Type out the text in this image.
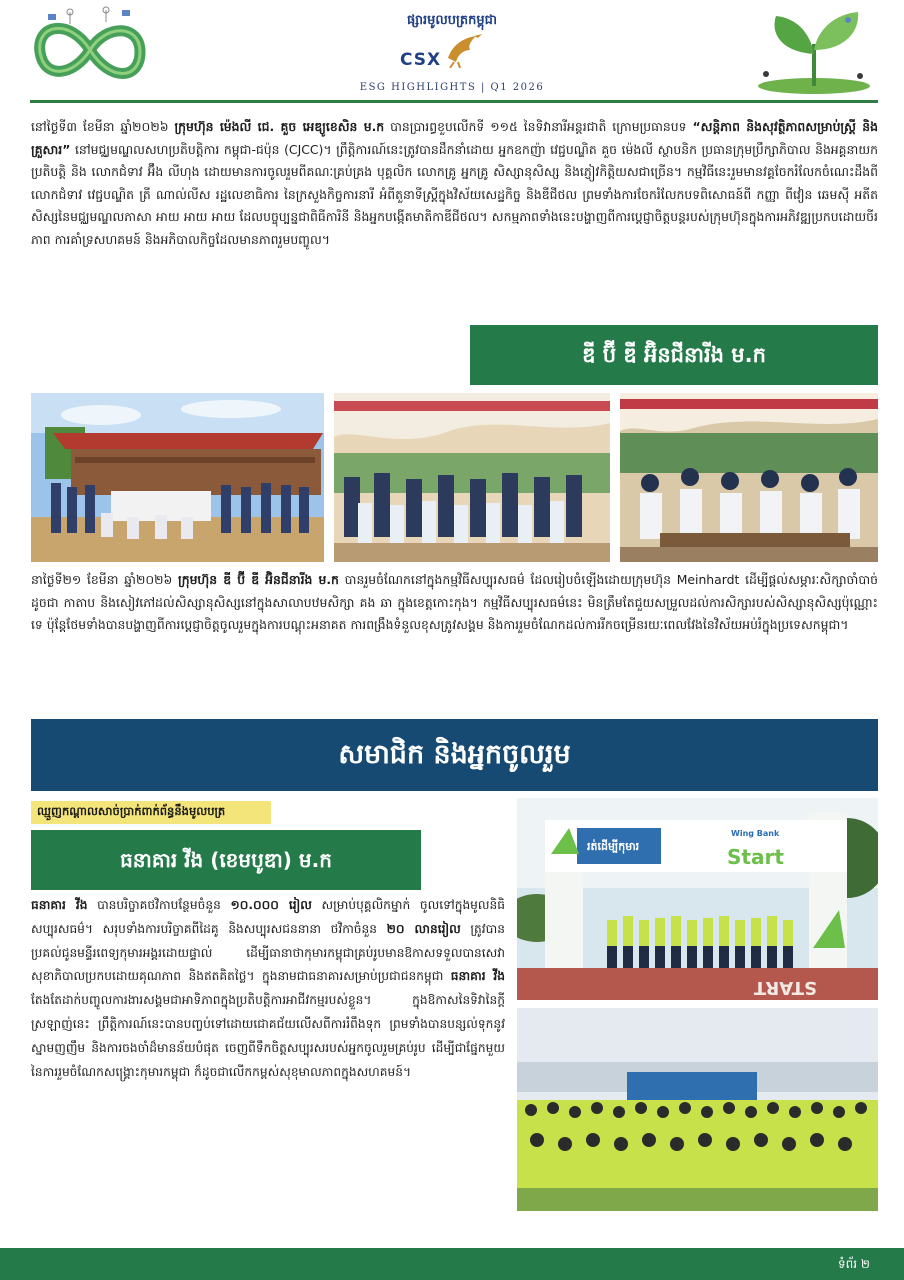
ផ្សារមូលបត្រកម្ពុជា
CSX
ESG HIGHLIGHTS | Q1 2026

នៅថ្ងៃទី៣ ខែមីនា ឆ្នាំ២០២៦ ក្រុមហ៊ុន ម៉េងលី ជេ. គួច អេឌ្យូខេសិន ម.ក បានប្រារព្ធខួបលើកទី ១១៥ នៃទិវានារីអន្តរជាតិ ក្រោមប្រធានបទ “សន្តិភាព និងសុវត្ថិភាពសម្រាប់ស្ត្រី និងគ្រួសារ” នៅមជ្ឈមណ្ឌលសហប្រតិបត្តិការ កម្ពុជា-ជប៉ុន (CJCC)។ ព្រឹត្តិការណ៍នេះត្រូវបានដឹកនាំដោយ អ្នកឧកញ៉ា វេជ្ជបណ្ឌិត គួច ម៉េងលី ស្ថាបនិក ប្រធានក្រុមប្រឹក្សាភិបាល និងអគ្គនាយកប្រតិបត្តិ និង លោកជំទាវ អ៊ឹង លីហុង ដោយមានការចូលរួមពីគណៈគ្រប់គ្រង បុគ្គលិក លោកគ្រូ អ្នកគ្រូ សិស្សានុសិស្ស និងភ្ញៀវកិត្តិយសជាច្រើន។ កម្មវិធីនេះរួមមានវគ្គចែករំលែកចំណេះដឹងពី លោកជំទាវ វេជ្ជបណ្ឌិត ត្រី ណាល់លីស រដ្ឋលេខាធិការ នៃក្រសួងកិច្ចការនារី អំពីតួនាទីស្ត្រីក្នុងវិស័យសេដ្ឋកិច្ច និងឌីជីថល ព្រមទាំងការចែករំលែកបទពិសោធន៍ពី កញ្ញា ពីវៀន ឆេមស៊ី អតីតសិស្សនៃមជ្ឈមណ្ឌលភាសា អាយ អាយ អាយ ដែលបច្ចុប្បន្នជាពិធីការិនី និងអ្នកបង្កើតមាតិកាឌីជីថល។ សកម្មភាពទាំងនេះបង្ហាញពីការប្តេជ្ញាចិត្តបន្តរបស់ក្រុមហ៊ុនក្នុងការអភិវឌ្ឍប្រកបដោយចីរភាព ការគាំទ្រសហគមន៍ និងអភិបាលកិច្ចដែលមានភាពរួមបញ្ចូល។

ឌី ប៊ី ឌី អ៊ិនជីនារីង ម.ក

នាថ្ងៃទី២១ ខែមីនា ឆ្នាំ២០២៦ ក្រុមហ៊ុន ឌី ប៊ី ឌី អ៊ិនជីនារីង ម.ក បានរួមចំណែកនៅក្នុងកម្មវិធីសប្បុរសធម៌ ដែលរៀបចំឡើងដោយក្រុមហ៊ុន Meinhardt ដើម្បីផ្តល់សម្ភារៈសិក្សាចាំបាច់ដូចជា កាតាប និងសៀវភៅដល់សិស្សានុសិស្សនៅក្នុងសាលាបឋមសិក្សា គង ឆា ក្នុងខេត្តកោះកុង។ កម្មវិធីសប្បុរសធម៌នេះ មិនត្រឹមតែជួយសម្រួលដល់ការសិក្សារបស់សិស្សានុសិស្សប៉ុណ្ណោះទេ ប៉ុន្តែថែមទាំងបានបង្ហាញពីការប្តេជ្ញាចិត្តចូលរួមក្នុងការបណ្តុះអនាគត ការពង្រឹងទំនួលខុសត្រូវសង្គម និងការរួមចំណែកដល់ការរីកចម្រើនរយៈពេលវែងនៃវិស័យអប់រំក្នុងប្រទេសកម្ពុជា។

សមាជិក និងអ្នកចូលរួម
ឈ្មួញកណ្តាលសាច់ប្រាក់ពាក់ព័ន្ធនឹងមូលបត្រ
ធនាគារ វីង (ខេមបូឌា) ម.ក

ធនាគារ វីង បានបរិច្ចាគថវិកាបន្ថែមចំនួន ១០.០០០ រៀល សម្រាប់បុគ្គលិកម្នាក់ ចូលទៅក្នុងមូលនិធិសប្បុរសធម៌។ សរុបទាំងការបរិច្ចាគពីដៃគូ និងសប្បុរសជននានា ថវិកាចំនួន ២០ លានរៀល ត្រូវបានប្រគល់ជូនមន្ទីរពេទ្យកុមារអង្គរដោយផ្ទាល់ ដើម្បីធានាថាកុមារកម្ពុជាគ្រប់រូបមានឱកាសទទួលបានសេវាសុខាភិបាលប្រកបដោយគុណភាព និងឥតគិតថ្លៃ។ ក្នុងនាមជាធនាគារសម្រាប់ប្រជាជនកម្ពុជា ធនាគារ វីង តែងតែដាក់បញ្ចូលការងារសង្គមជាអាទិភាពក្នុងប្រតិបត្តិការអាជីវកម្មរបស់ខ្លួន។ ក្នុងឱកាសនៃទិវានៃក្តីស្រឡាញ់នេះ ព្រឹត្តិការណ៍នេះបានបញ្ចប់ទៅដោយជោគជ័យលើសពីការរំពឹងទុក ព្រមទាំងបានបន្សល់ទុកនូវស្នាមញញឹម និងការចងចាំដ៏មានន័យបំផុត ចេញពីទឹកចិត្តសប្បុរសរបស់អ្នកចូលរួមគ្រប់រូប ដើម្បីជាផ្នែកមួយនៃការរួមចំណែកសង្គ្រោះកុមារកម្ពុជា ក៏ដូចជាលើកកម្ពស់សុខុមាលភាពក្នុងសហគមន៍។

រត់ដើម្បីកុមារ	Start
Wing Bank
START
ទំព័រ ២
